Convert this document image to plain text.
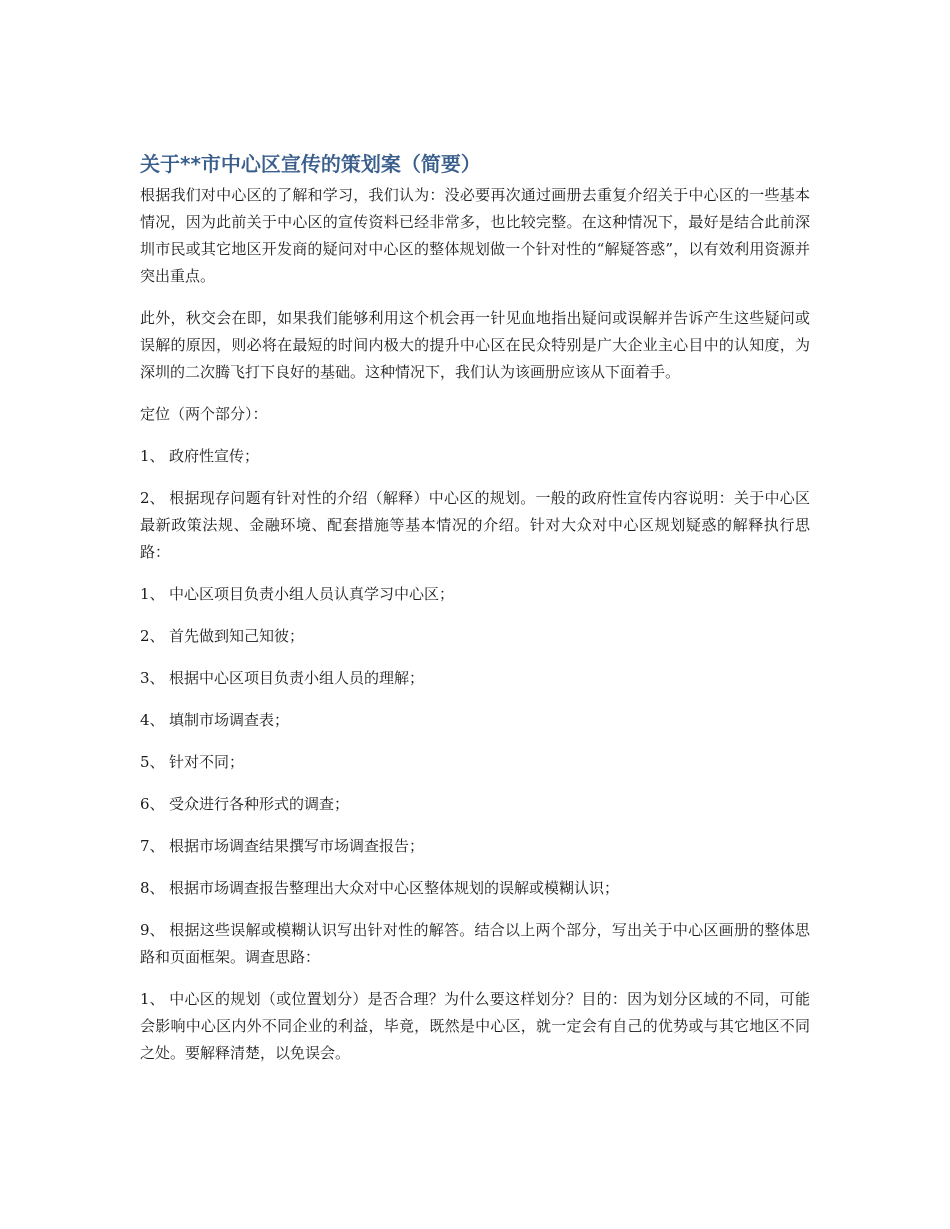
关于**市中心区宣传的策划案（简要）

根据我们对中心区的了解和学习，我们认为：没必要再次通过画册去重复介绍关于中心区的一些基本情况，因为此前关于中心区的宣传资料已经非常多，也比较完整。在这种情况下，最好是结合此前深圳市民或其它地区开发商的疑问对中心区的整体规划做一个针对性的“解疑答惑”，以有效利用资源并突出重点。

此外，秋交会在即，如果我们能够利用这个机会再一针见血地指出疑问或误解并告诉产生这些疑问或误解的原因，则必将在最短的时间内极大的提升中心区在民众特别是广大企业主心目中的认知度，为深圳的二次腾飞打下良好的基础。这种情况下，我们认为该画册应该从下面着手。

定位（两个部分）：

1、 政府性宣传；

2、 根据现存问题有针对性的介绍（解释）中心区的规划。一般的政府性宣传内容说明：关于中心区最新政策法规、金融环境、配套措施等基本情况的介绍。针对大众对中心区规划疑惑的解释执行思路：

1、 中心区项目负责小组人员认真学习中心区；

2、 首先做到知己知彼；

3、 根据中心区项目负责小组人员的理解；

4、 填制市场调查表；

5、 针对不同；

6、 受众进行各种形式的调查；

7、 根据市场调查结果撰写市场调查报告；

8、 根据市场调查报告整理出大众对中心区整体规划的误解或模糊认识；

9、 根据这些误解或模糊认识写出针对性的解答。结合以上两个部分，写出关于中心区画册的整体思路和页面框架。调查思路：

1、 中心区的规划（或位置划分）是否合理？为什么要这样划分？目的：因为划分区域的不同，可能会影响中心区内外不同企业的利益，毕竟，既然是中心区，就一定会有自己的优势或与其它地区不同之处。要解释清楚，以免误会。
